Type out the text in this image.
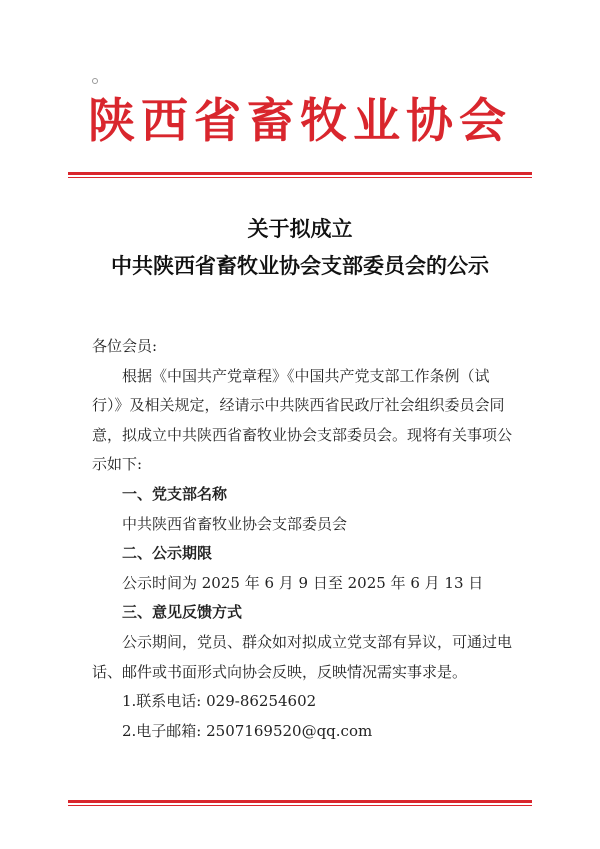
陕西省畜牧业协会
关于拟成立
中共陕西省畜牧业协会支部委员会的公示

各位会员:

根据《中国共产党章程》《中国共产党支部工作条例（试行）》及相关规定，经请示中共陕西省民政厅社会组织委员会同意，拟成立中共陕西省畜牧业协会支部委员会。现将有关事项公示如下:

一、党支部名称

中共陕西省畜牧业协会支部委员会

二、公示期限

公示时间为 2025 年 6 月 9 日至 2025 年 6 月 13 日

三、意见反馈方式

公示期间，党员、群众如对拟成立党支部有异议，可通过电话、邮件或书面形式向协会反映，反映情况需实事求是。

1.联系电话: 029-86254602

2.电子邮箱: 2507169520@qq.com
